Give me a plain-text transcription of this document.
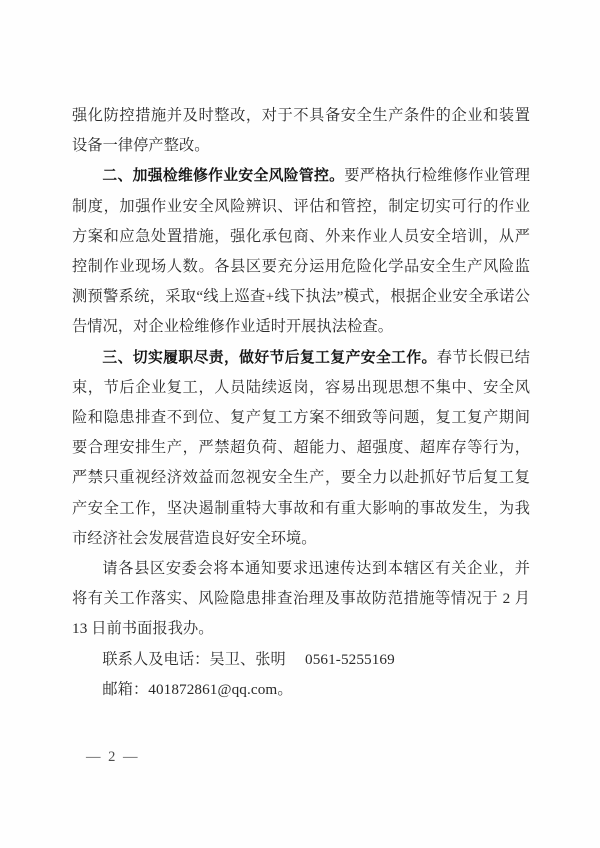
强化防控措施并及时整改，对于不具备安全生产条件的企业和装置设备一律停产整改。

二、加强检维修作业安全风险管控。要严格执行检维修作业管理制度，加强作业安全风险辨识、评估和管控，制定切实可行的作业方案和应急处置措施，强化承包商、外来作业人员安全培训，从严控制作业现场人数。各县区要充分运用危险化学品安全生产风险监测预警系统，采取“线上巡查+线下执法”模式，根据企业安全承诺公告情况，对企业检维修作业适时开展执法检查。

三、切实履职尽责，做好节后复工复产安全工作。春节长假已结束，节后企业复工，人员陆续返岗，容易出现思想不集中、安全风险和隐患排查不到位、复产复工方案不细致等问题，复工复产期间要合理安排生产，严禁超负荷、超能力、超强度、超库存等行为，严禁只重视经济效益而忽视安全生产，要全力以赴抓好节后复工复产安全工作，坚决遏制重特大事故和有重大影响的事故发生，为我市经济社会发展营造良好安全环境。

请各县区安委会将本通知要求迅速传达到本辖区有关企业，并将有关工作落实、风险隐患排查治理及事故防范措施等情况于 2 月 13 日前书面报我办。

联系人及电话：吴卫、张明　 0561-5255169

邮箱：401872861@qq.com。

— 2 —
